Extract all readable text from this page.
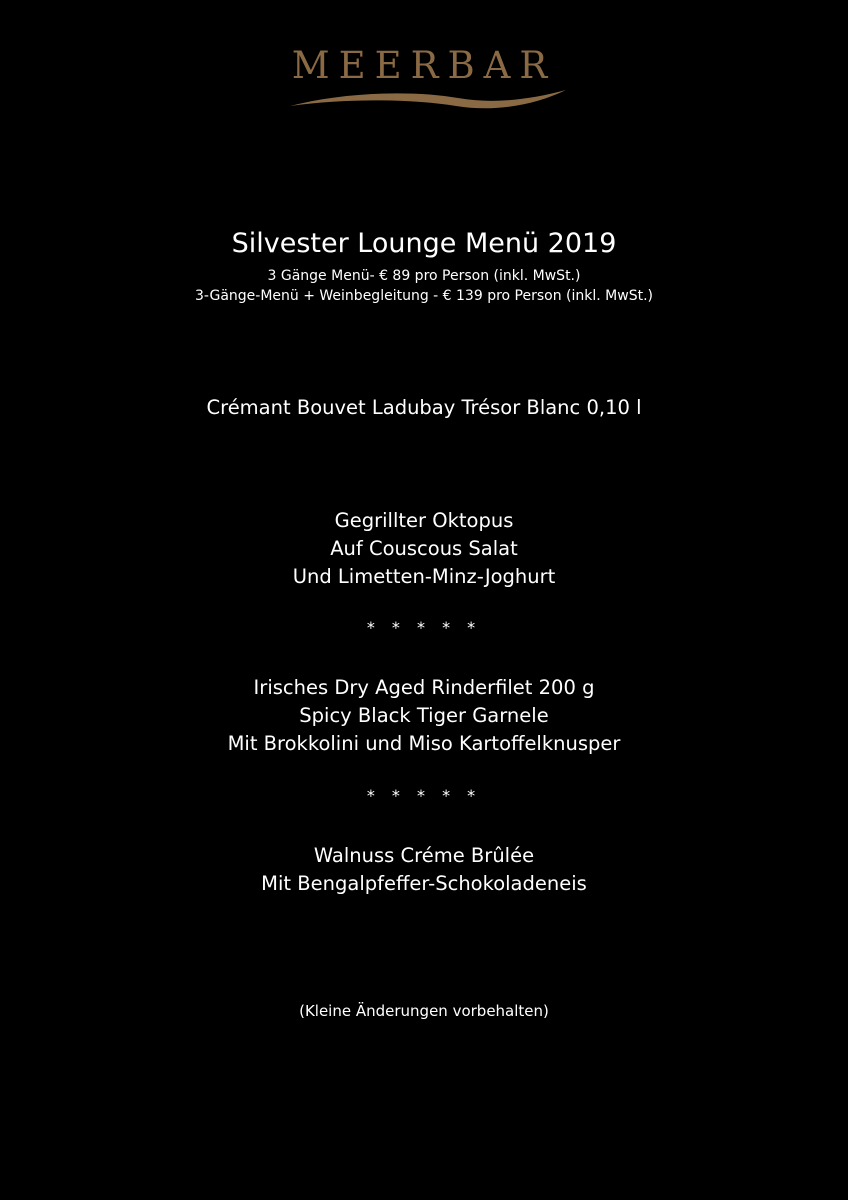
MEERBAR
Silvester Lounge Menü 2019
3 Gänge Menü- € 89 pro Person (inkl. MwSt.)
3-Gänge-Menü + Weinbegleitung - € 139 pro Person (inkl. MwSt.)
Crémant Bouvet Ladubay Trésor Blanc 0,10 l
Gegrillter Oktopus
Auf Couscous Salat
Und Limetten-Minz-Joghurt
* * * * *
Irisches Dry Aged Rinderfilet 200 g
Spicy Black Tiger Garnele
Mit Brokkolini und Miso Kartoffelknusper
* * * * *
Walnuss Créme Brûlée
Mit Bengalpfeffer-Schokoladeneis
(Kleine Änderungen vorbehalten)
